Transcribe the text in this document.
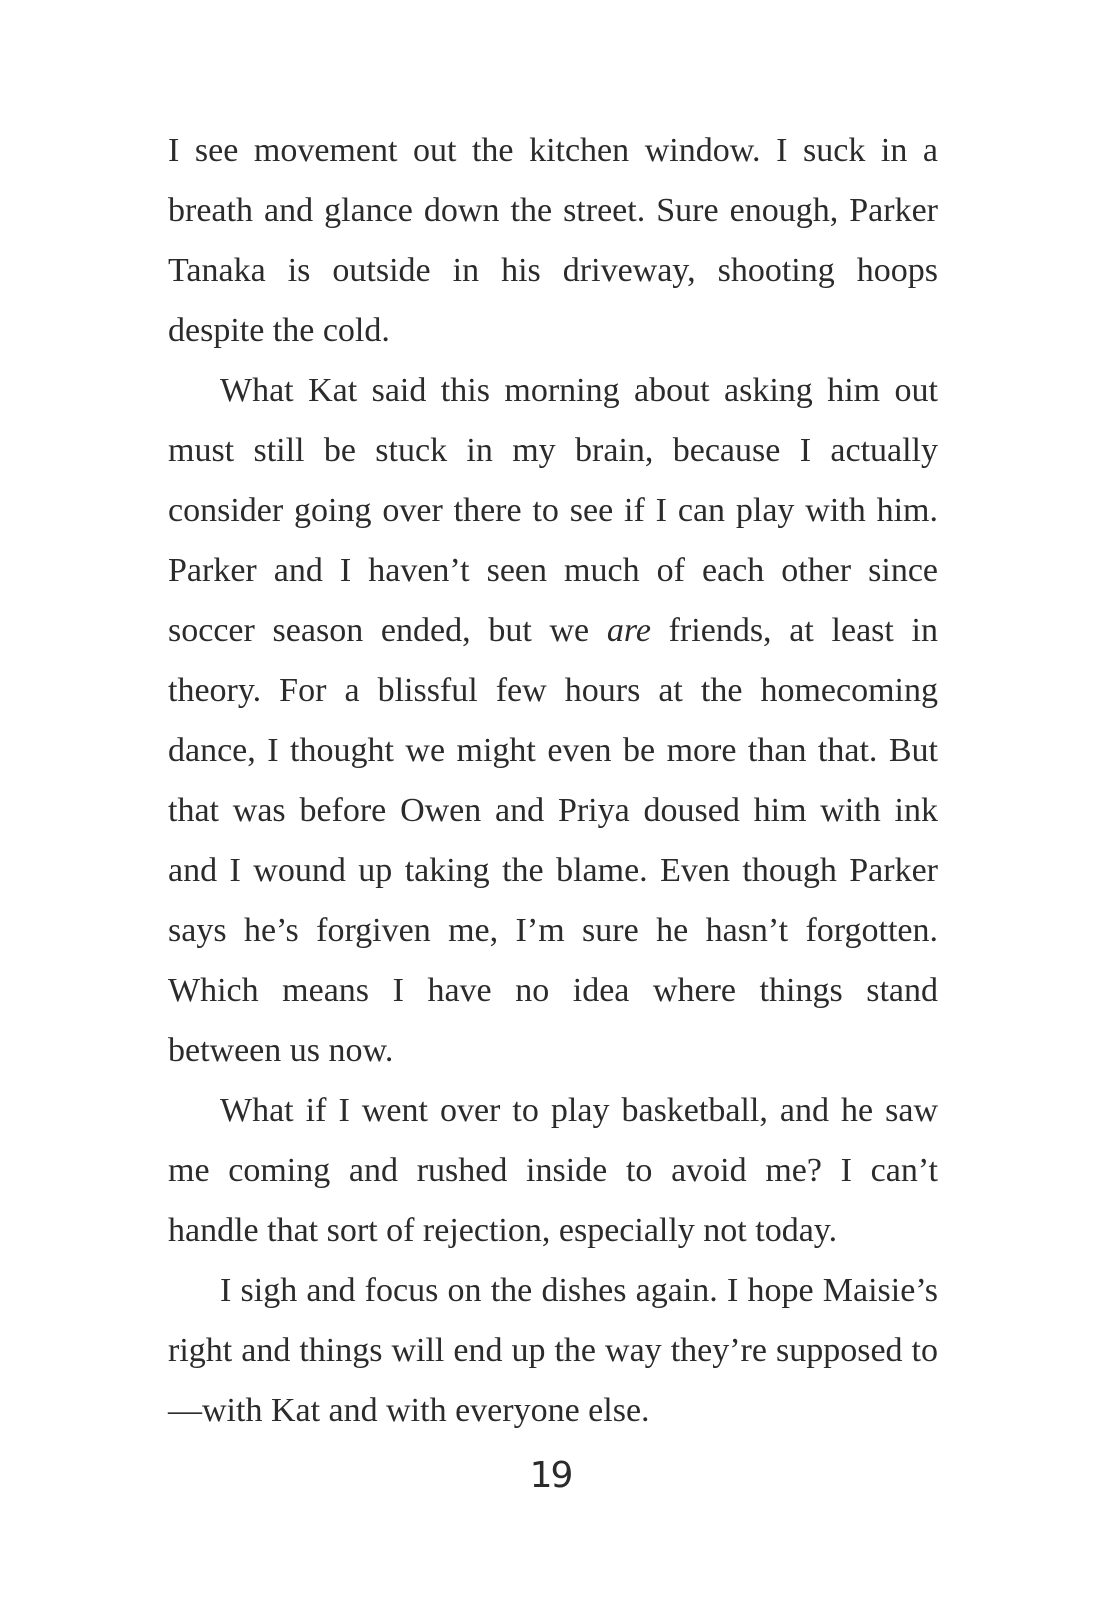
I see movement out the kitchen window. I suck in a breath and glance down the street. Sure enough, Parker Tanaka is outside in his driveway, shooting hoops despite the cold.

What Kat said this morning about asking him out must still be stuck in my brain, because I actually consider going over there to see if I can play with him. Parker and I haven’t seen much of each other since soccer season ended, but we are friends, at least in theory. For a blissful few hours at the homecoming dance, I thought we might even be more than that. But that was before Owen and Priya doused him with ink and I wound up taking the blame. Even though Parker says he’s forgiven me, I’m sure he hasn’t forgotten. Which means I have no idea where things stand between us now.

What if I went over to play basketball, and he saw me coming and rushed inside to avoid me? I can’t handle that sort of rejection, especially not today.

I sigh and focus on the dishes again. I hope Maisie’s right and things will end up the way they’re supposed to—with Kat and with everyone else.

19
